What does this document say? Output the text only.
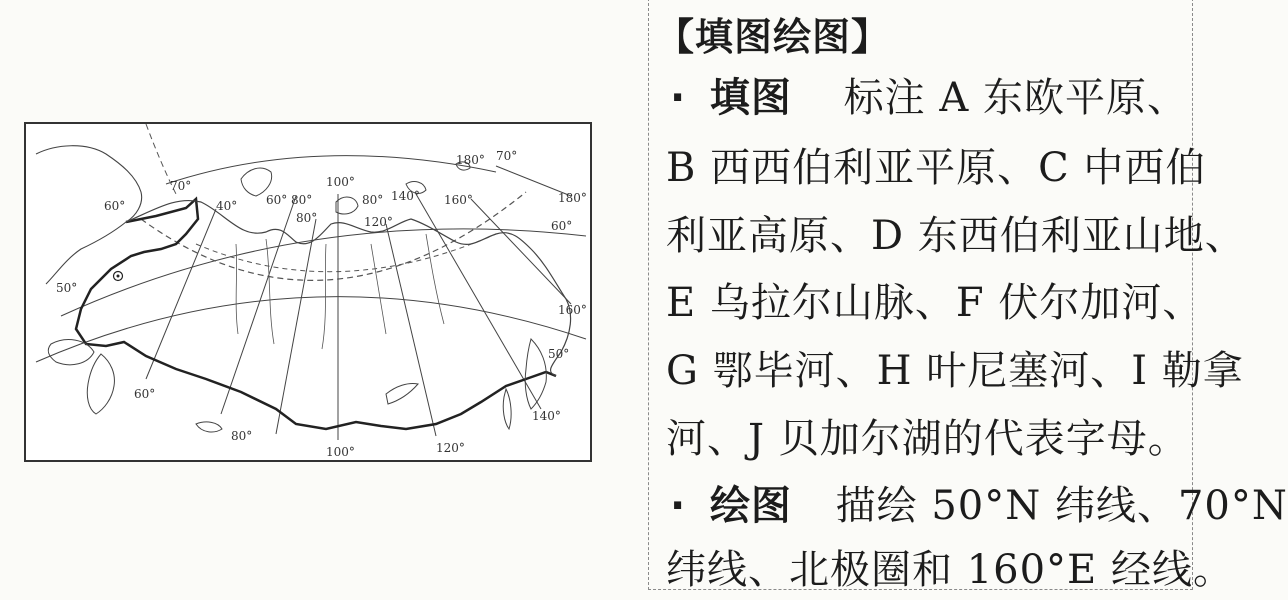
180° 70°
180°
60°
160°
50°
140°
120°
100°
80°
60°
50°
60°
70°
40° 60° 80°
80°
100°
80° 140°
120°
160°
【填图绘图】
· 填图 标注 A 东欧平原、
B 西西伯利亚平原、C 中西伯
利亚高原、D 东西伯利亚山地、
E 乌拉尔山脉、F 伏尔加河、
G 鄂毕河、H 叶尼塞河、I 勒拿
河、J 贝加尔湖的代表字母。
· 绘图 描绘 50°N 纬线、70°N
纬线、北极圈和 160°E 经线。
